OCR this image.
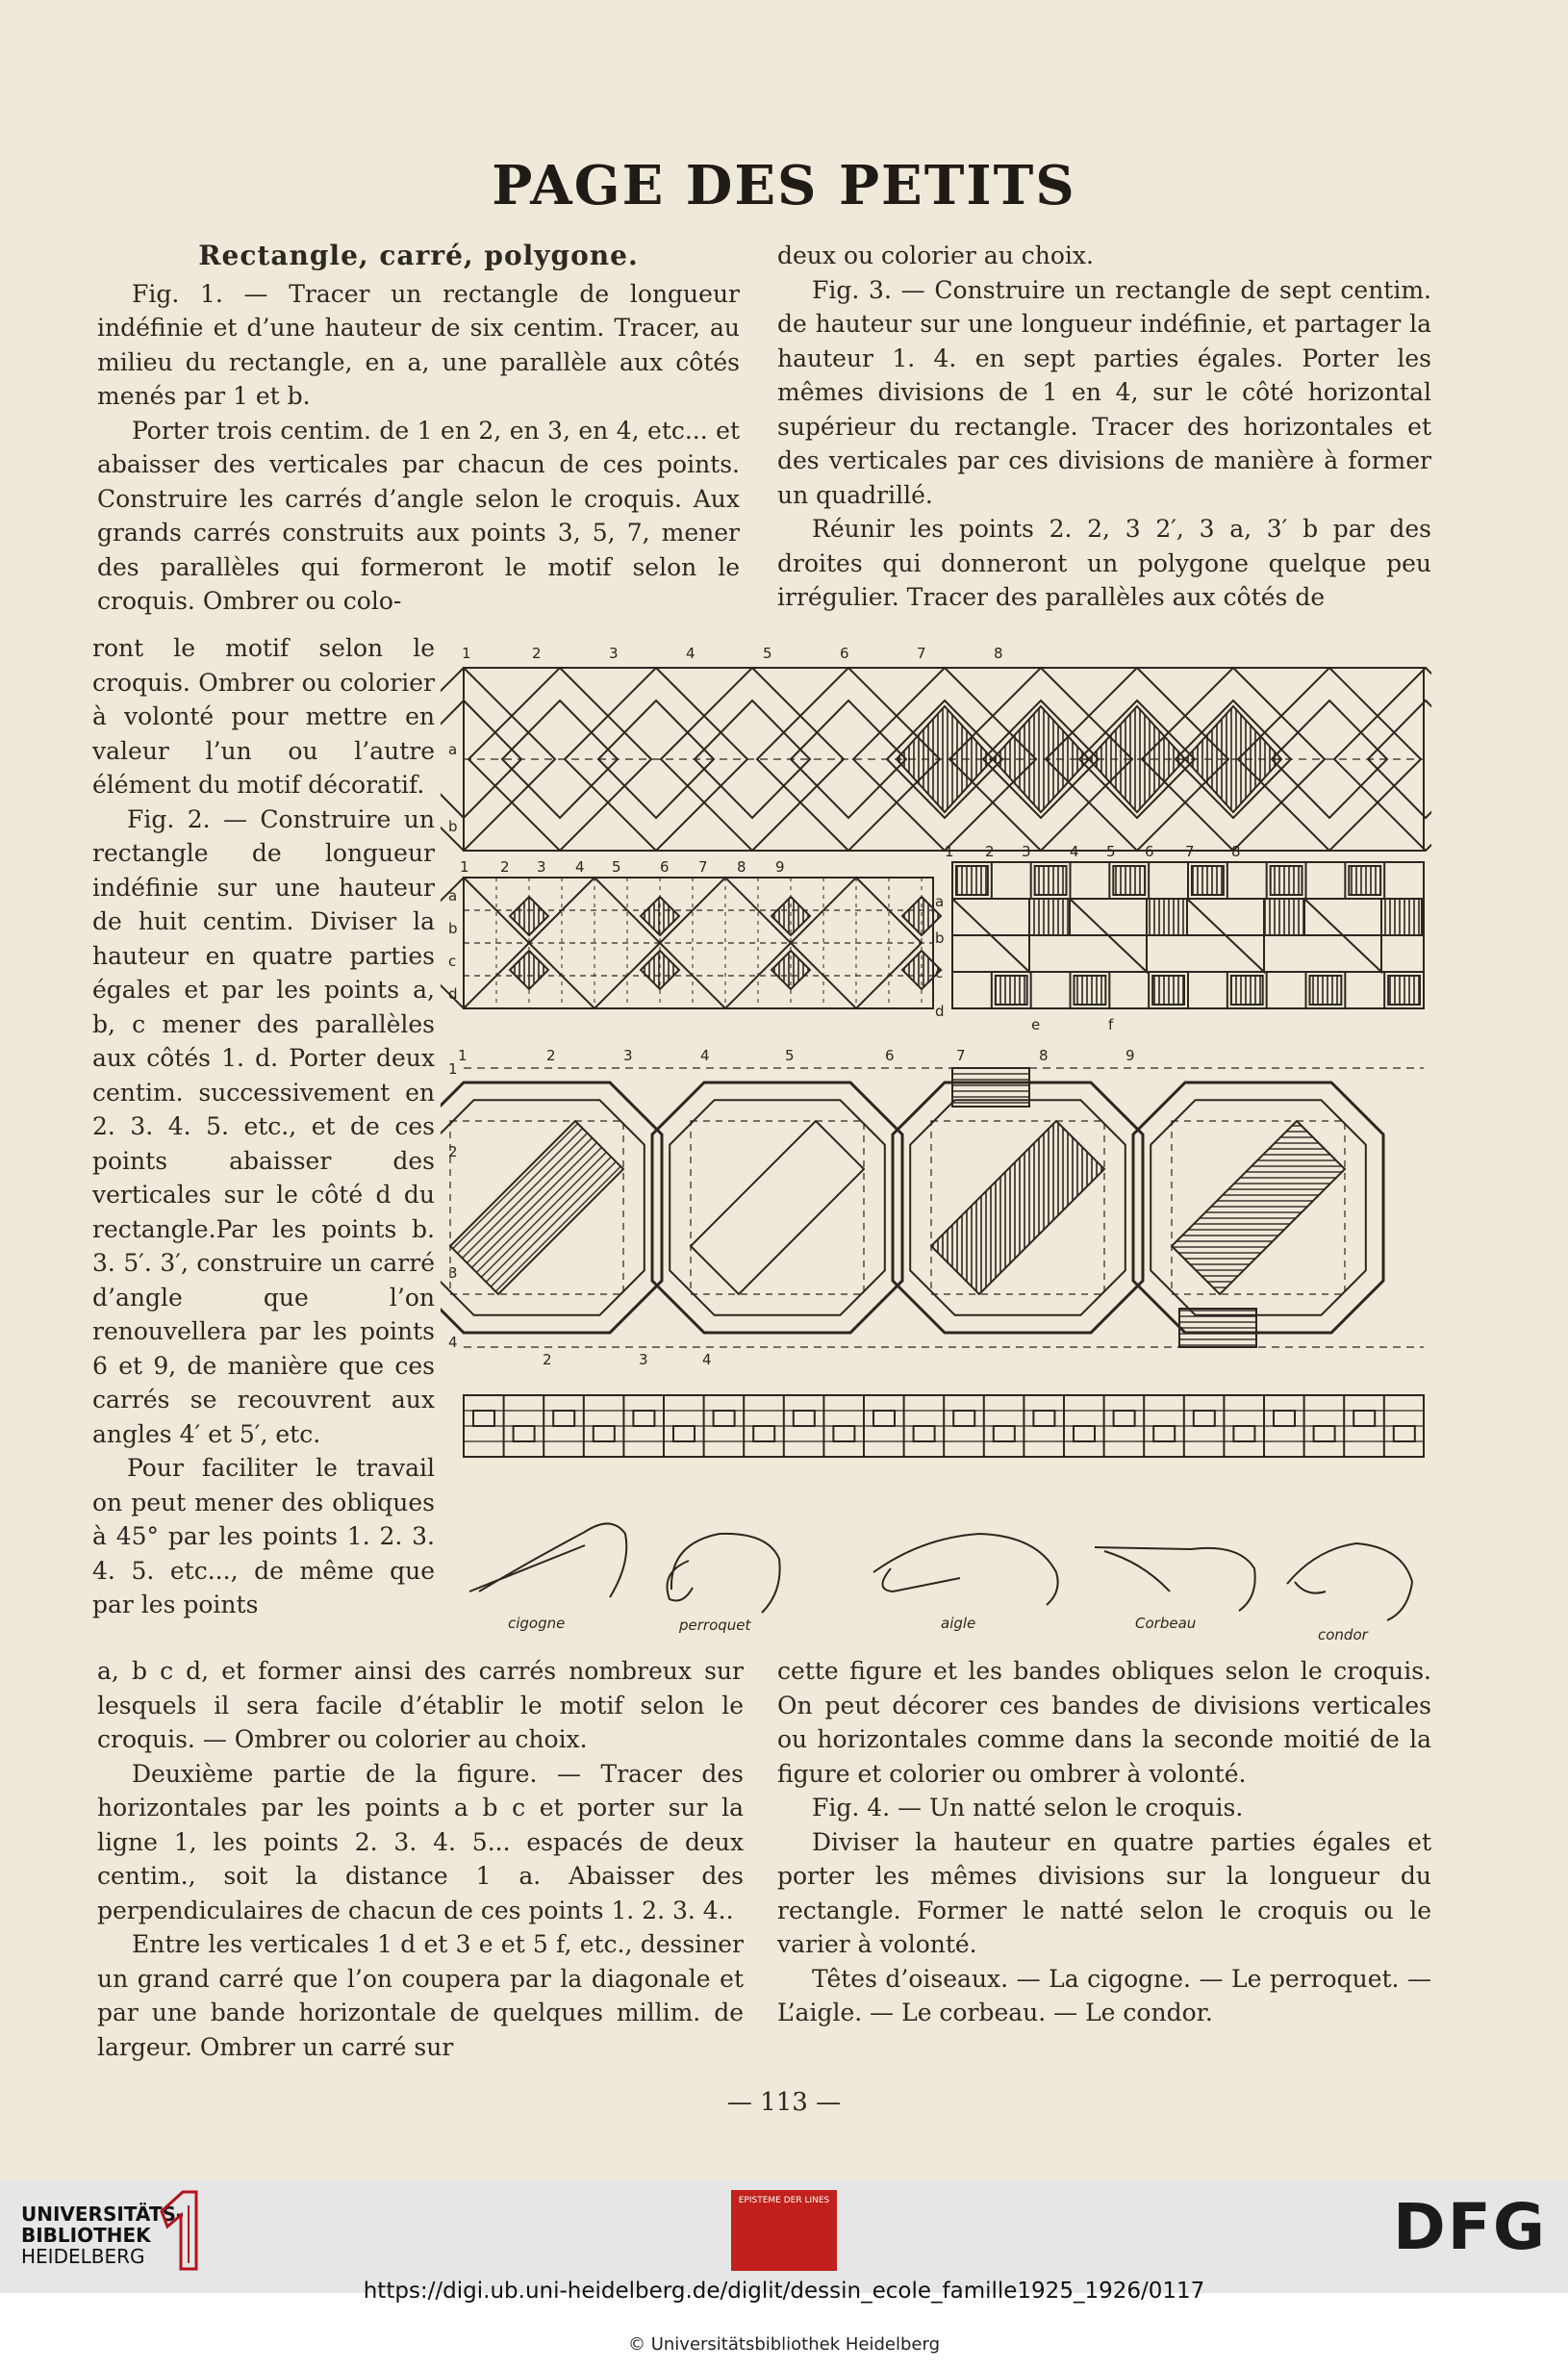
PAGE DES PETITS
Rectangle, carré, polygone.

Fig. 1. — Tracer un rectangle de longueur indéfinie et d’une hauteur de six centim. Tracer, au milieu du rectangle, en a, une parallèle aux côtés menés par 1 et b.

Porter trois centim. de 1 en 2, en 3, en 4, etc... et abaisser des verticales par chacun de ces points. Construire les carrés d’angle selon le croquis. Aux grands carrés construits aux points 3, 5, 7, mener des parallèles qui formeront le motif selon le croquis. Ombrer ou colo-

ront le motif selon le croquis. Ombrer ou colorier à volonté pour mettre en valeur l’un ou l’autre élément du motif décoratif.

Fig. 2. — Construire un rectangle de longueur indéfinie sur une hauteur de huit centim. Diviser la hauteur en quatre parties égales et par les points a, b, c mener des parallèles aux côtés 1. d. Porter deux centim. successivement en 2. 3. 4. 5. etc., et de ces points abaisser des verticales sur le côté d du rectangle.Par les points b. 3. 5′. 3′, construire un carré d’angle que l’on renouvellera par les points 6 et 9, de manière que ces carrés se recouvrent aux angles 4′ et 5′, etc.

Pour faciliter le travail on peut mener des obliques à 45° par les points 1. 2. 3. 4. 5. etc..., de même que par les points

a, b c d, et former ainsi des carrés nombreux sur lesquels il sera facile d’établir le motif selon le croquis. — Ombrer ou colorier au choix.

Deuxième partie de la figure. — Tracer des horizontales par les points a b c et porter sur la ligne 1, les points 2. 3. 4. 5... espacés de deux centim., soit la distance 1 a. Abaisser des perpendiculaires de chacun de ces points 1. 2. 3. 4..

Entre les verticales 1 d et 3 e et 5 f, etc., dessiner un grand carré que l’on coupera par la diagonale et par une bande horizontale de quelques millim. de largeur. Ombrer un carré sur

deux ou colorier au choix.

Fig. 3. — Construire un rectangle de sept centim. de hauteur sur une longueur indéfinie, et partager la hauteur 1. 4. en sept parties égales. Porter les mêmes divisions de 1 en 4, sur le côté horizontal supérieur du rectangle. Tracer des horizontales et des verticales par ces divisions de manière à former un quadrillé.

Réunir les points 2. 2, 3 2′, 3 a, 3′ b par des droites qui donneront un polygone quelque peu irrégulier. Tracer des parallèles aux côtés de

cette figure et les bandes obliques selon le croquis. On peut décorer ces bandes de divisions verticales ou horizontales comme dans la seconde moitié de la figure et colorier ou ombrer à volonté.

Fig. 4. — Un natté selon le croquis.

Diviser la hauteur en quatre parties égales et porter les mêmes divisions sur la longueur du rectangle. Former le natté selon le croquis ou le varier à volonté.

Têtes d’oiseaux. — La cigogne. — Le perroquet. — L’aigle. — Le corbeau. — Le condor.

1	2	3	4	5	6	7	8
a
b
1 2 3 4 5	6 7 8 9
a
b
c
d
1 2 3	4 5 6 7	8
a
b
c
d
e	f
1	2	3	4	5	6	7	8	9
1
2
3
4
2	3	4
cigogne	perroquet	aigle	Corbeau
condor
— 113 —
UNIVERSITÄTS-
BIBLIOTHEK
HEIDELBERG
EPISTEME DER LINES	DFG
https://digi.ub.uni-heidelberg.de/diglit/dessin_ecole_famille1925_1926/0117
© Universitätsbibliothek Heidelberg
